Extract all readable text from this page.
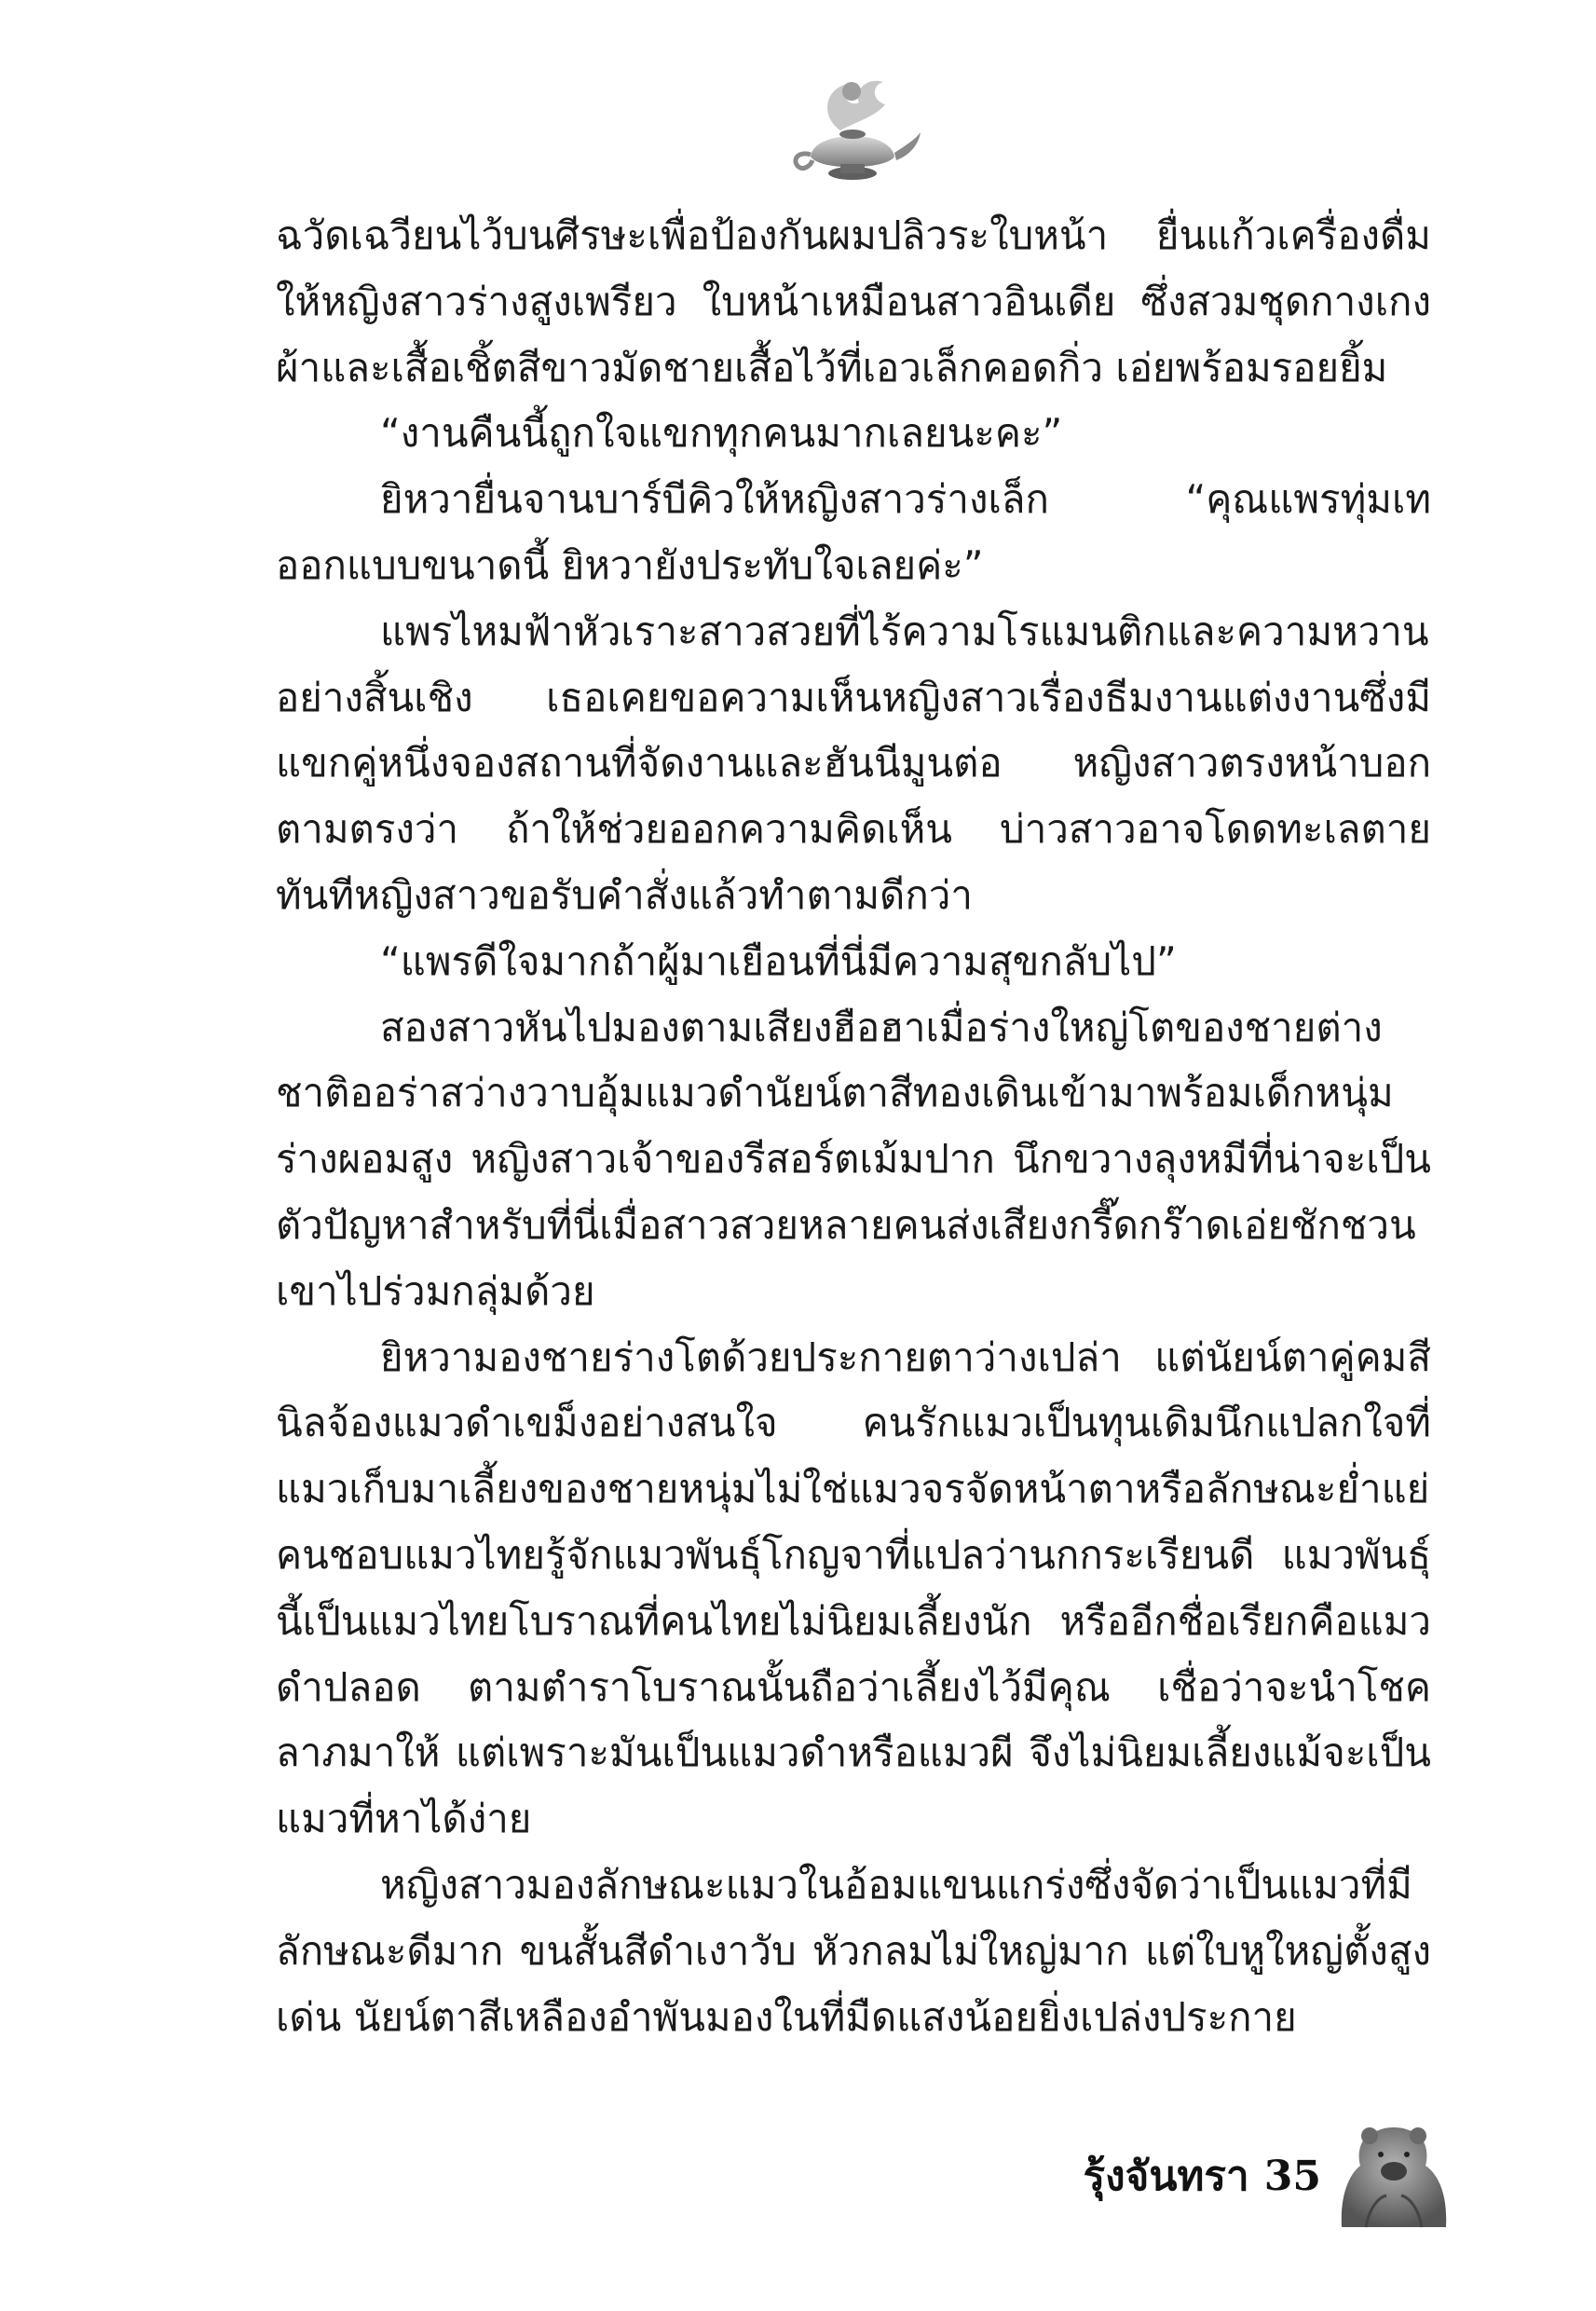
ฉวัดเฉวียนไว้บนศีรษะเพื่อป้องกันผมปลิวระใบหน้า ยื่นแก้วเครื่องดื่มให้หญิงสาวร่างสูงเพรียว ใบหน้าเหมือนสาวอินเดีย ซึ่งสวมชุดกางเกงผ้าและเสื้อเชิ้ตสีขาวมัดชายเสื้อไว้ที่เอวเล็กคอดกิ่ว เอ่ยพร้อมรอยยิ้ม

“งานคืนนี้ถูกใจแขกทุกคนมากเลยนะคะ”

ยิหวายื่นจานบาร์บีคิวให้หญิงสาวร่างเล็ก “คุณแพรทุ่มเทออกแบบขนาดนี้ ยิหวายังประทับใจเลยค่ะ”

แพรไหมฟ้าหัวเราะสาวสวยที่ไร้ความโรแมนติกและความหวานอย่างสิ้นเชิง เธอเคยขอความเห็นหญิงสาวเรื่องธีมงานแต่งงานซึ่งมีแขกคู่หนึ่งจองสถานที่จัดงานและฮันนีมูนต่อ หญิงสาวตรงหน้าบอกตามตรงว่า ถ้าให้ช่วยออกความคิดเห็น บ่าวสาวอาจโดดทะเลตายทันทีหญิงสาวขอรับคำสั่งแล้วทำตามดีกว่า

“แพรดีใจมากถ้าผู้มาเยือนที่นี่มีความสุขกลับไป”

สองสาวหันไปมองตามเสียงฮือฮาเมื่อร่างใหญ่โตของชายต่างชาติออร่าสว่างวาบอุ้มแมวดำนัยน์ตาสีทองเดินเข้ามาพร้อมเด็กหนุ่มร่างผอมสูง หญิงสาวเจ้าของรีสอร์ตเม้มปาก นึกขวางลุงหมีที่น่าจะเป็นตัวปัญหาสำหรับที่นี่เมื่อสาวสวยหลายคนส่งเสียงกรี๊ดกร๊าดเอ่ยชักชวนเขาไปร่วมกลุ่มด้วย

ยิหวามองชายร่างโตด้วยประกายตาว่างเปล่า แต่นัยน์ตาคู่คมสีนิลจ้องแมวดำเขม็งอย่างสนใจ คนรักแมวเป็นทุนเดิมนึกแปลกใจที่แมวเก็บมาเลี้ยงของชายหนุ่มไม่ใช่แมวจรจัดหน้าตาหรือลักษณะย่ำแย่ คนชอบแมวไทยรู้จักแมวพันธุ์โกญจาที่แปลว่านกกระเรียนดี แมวพันธุ์นี้เป็นแมวไทยโบราณที่คนไทยไม่นิยมเลี้ยงนัก หรืออีกชื่อเรียกคือแมวดำปลอด ตามตำราโบราณนั้นถือว่าเลี้ยงไว้มีคุณ เชื่อว่าจะนำโชคลาภมาให้ แต่เพราะมันเป็นแมวดำหรือแมวผี จึงไม่นิยมเลี้ยงแม้จะเป็นแมวที่หาได้ง่าย

หญิงสาวมองลักษณะแมวในอ้อมแขนแกร่งซึ่งจัดว่าเป็นแมวที่มีลักษณะดีมาก ขนสั้นสีดำเงาวับ หัวกลมไม่ใหญ่มาก แต่ใบหูใหญ่ตั้งสูงเด่น นัยน์ตาสีเหลืองอำพันมองในที่มืดแสงน้อยยิ่งเปล่งประกาย

รุ้งจันทรา 35
